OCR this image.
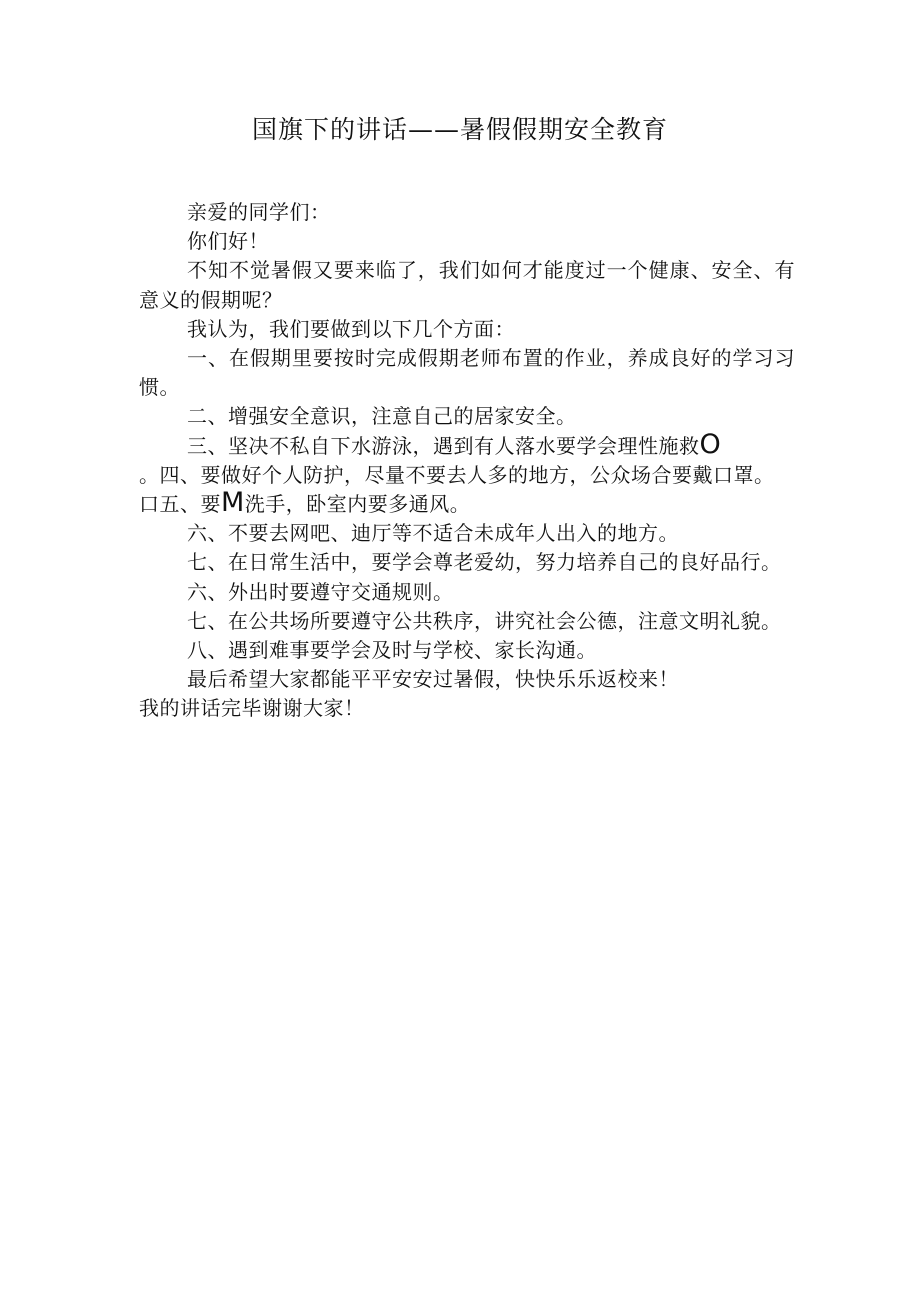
国旗下的讲话——暑假假期安全教育

亲爱的同学们：

你们好！

不知不觉暑假又要来临了，我们如何才能度过一个健康、安全、有意义的假期呢？

我认为，我们要做到以下几个方面：

一、在假期里要按时完成假期老师布置的作业，养成良好的学习习惯。

二、增强安全意识，注意自己的居家安全。

三、坚决不私自下水游泳，遇到有人落水要学会理性施救O

。四、要做好个人防护，尽量不要去人多的地方，公众场合要戴口罩。

口五、要M洗手，卧室内要多通风。

六、不要去网吧、迪厅等不适合未成年人出入的地方。

七、在日常生活中，要学会尊老爱幼，努力培养自己的良好品行。

六、外出时要遵守交通规则。

七、在公共场所要遵守公共秩序，讲究社会公德，注意文明礼貌。

八、遇到难事要学会及时与学校、家长沟通。

最后希望大家都能平平安安过暑假，快快乐乐返校来！

我的讲话完毕谢谢大家！
